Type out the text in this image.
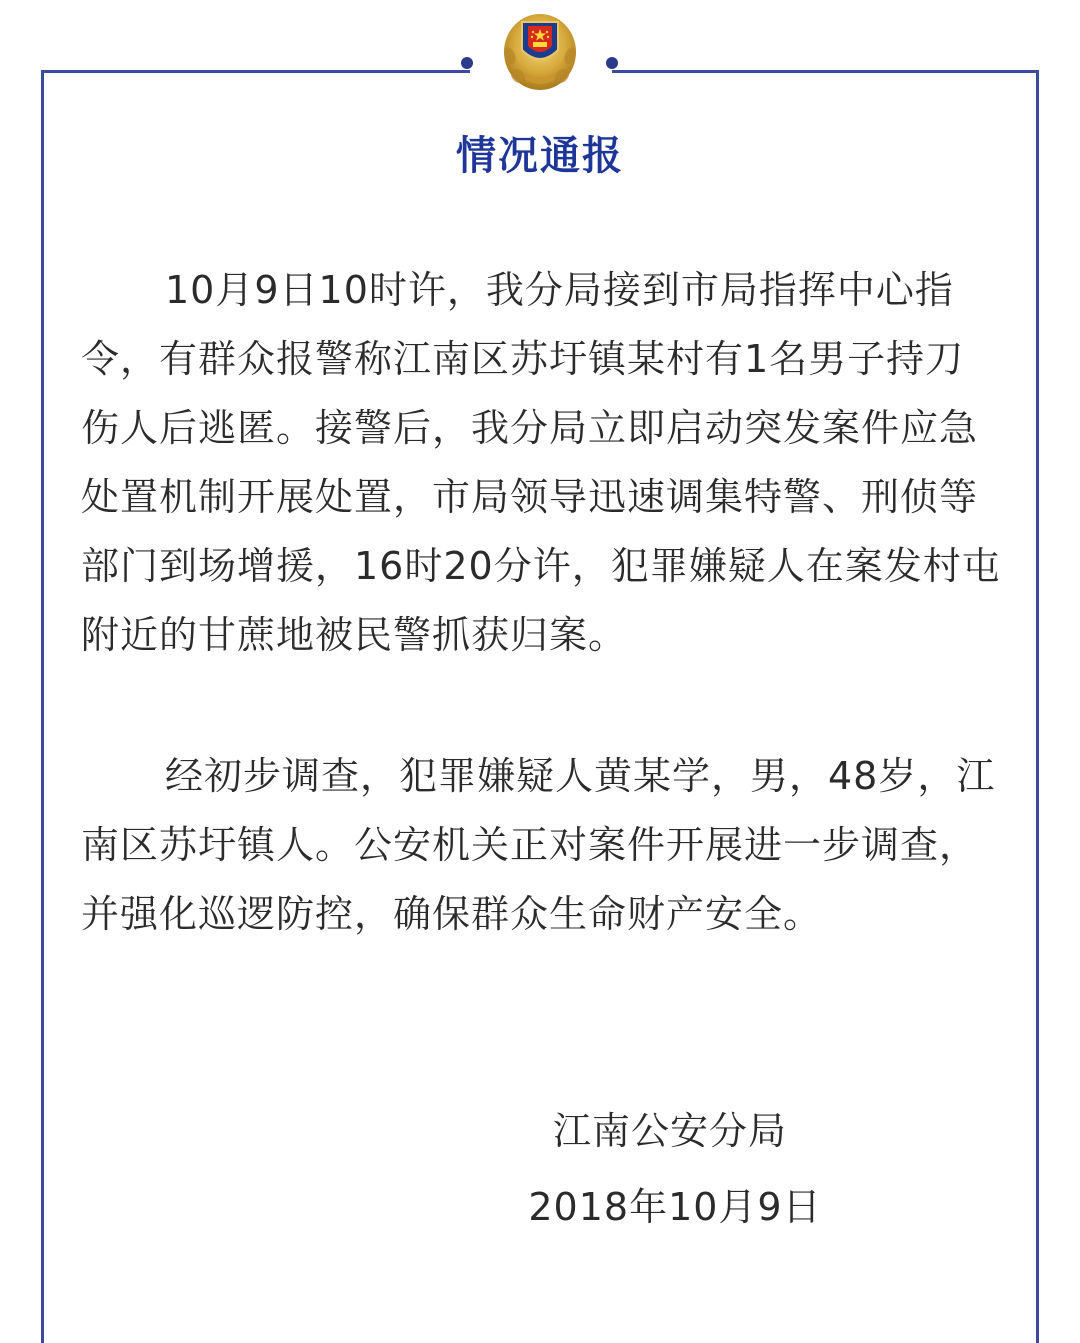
情况通报

10月9日10时许，我分局接到市局指挥中心指令，有群众报警称江南区苏圩镇某村有1名男子持刀伤人后逃匿。接警后，我分局立即启动突发案件应急处置机制开展处置，市局领导迅速调集特警、刑侦等部门到场增援，16时20分许，犯罪嫌疑人在案发村屯附近的甘蔗地被民警抓获归案。

经初步调查，犯罪嫌疑人黄某学，男，48岁，江南区苏圩镇人。公安机关正对案件开展进一步调查，并强化巡逻防控，确保群众生命财产安全。

江南公安分局
2018年10月9日
